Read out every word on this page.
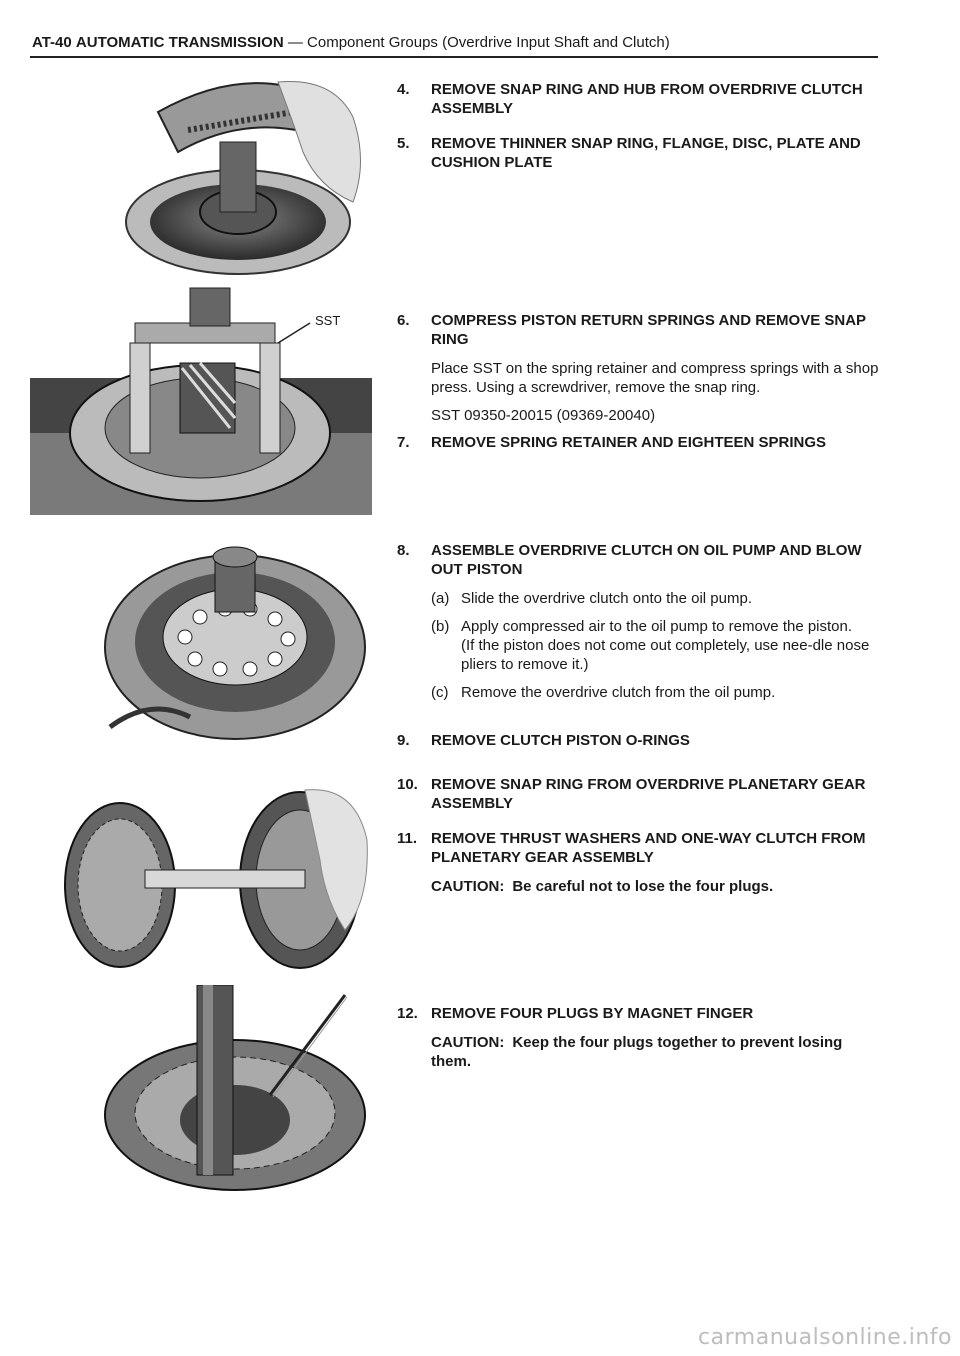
AT-40 AUTOMATIC TRANSMISSION — Component Groups (Overdrive Input Shaft and Clutch)
SST
4.	REMOVE SNAP RING AND HUB FROM OVERDRIVE CLUTCH ASSEMBLY
5.	REMOVE THINNER SNAP RING, FLANGE, DISC, PLATE AND CUSHION PLATE
6.	COMPRESS PISTON RETURN SPRINGS AND REMOVE SNAP RING
Place SST on the spring retainer and compress springs with a shop press. Using a screwdriver, remove the snap ring.
SST 09350-20015 (09369-20040)
7.	REMOVE SPRING RETAINER AND EIGHTEEN SPRINGS
8.	ASSEMBLE OVERDRIVE CLUTCH ON OIL PUMP AND BLOW OUT PISTON
(a) Slide the overdrive clutch onto the oil pump.
(b) Apply compressed air to the oil pump to remove the piston.
(If the piston does not come out completely, use nee-dle nose pliers to remove it.)
(c) Remove the overdrive clutch from the oil pump.
9.	REMOVE CLUTCH PISTON O-RINGS
10. REMOVE SNAP RING FROM OVERDRIVE PLANETARY GEAR ASSEMBLY
11. REMOVE THRUST WASHERS AND ONE-WAY CLUTCH FROM PLANETARY GEAR ASSEMBLY
CAUTION: Be careful not to lose the four plugs.
12. REMOVE FOUR PLUGS BY MAGNET FINGER
CAUTION: Keep the four plugs together to prevent losing them.
carmanualsonline.info
